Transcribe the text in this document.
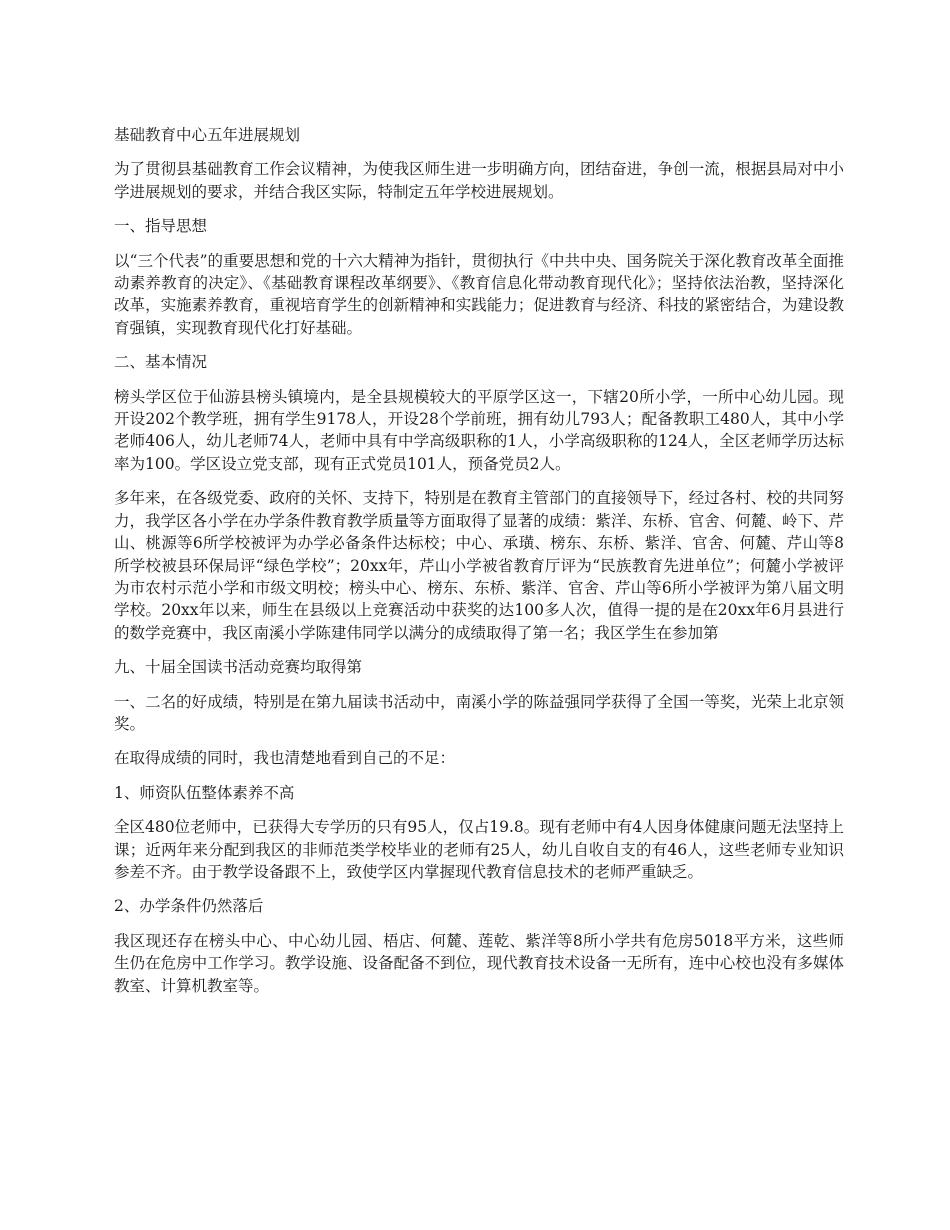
基础教育中心五年进展规划

为了贯彻县基础教育工作会议精神，为使我区师生进一步明确方向，团结奋进，争创一流，根据县局对中小学进展规划的要求，并结合我区实际，特制定五年学校进展规划。

一、指导思想

以“三个代表”的重要思想和党的十六大精神为指针，贯彻执行《中共中央、国务院关于深化教育改革全面推动素养教育的决定》、《基础教育课程改革纲要》、《教育信息化带动教育现代化》；坚持依法治教，坚持深化改革，实施素养教育，重视培育学生的创新精神和实践能力；促进教育与经济、科技的紧密结合，为建设教育强镇，实现教育现代化打好基础。

二、基本情况

榜头学区位于仙游县榜头镇境内，是全县规模较大的平原学区这一，下辖20所小学，一所中心幼儿园。现开设202个教学班，拥有学生9178人，开设28个学前班，拥有幼儿793人；配备教职工480人，其中小学老师406人，幼儿老师74人，老师中具有中学高级职称的1人，小学高级职称的124人，全区老师学历达标率为100。学区设立党支部，现有正式党员101人，预备党员2人。

多年来，在各级党委、政府的关怀、支持下，特别是在教育主管部门的直接领导下，经过各村、校的共同努力，我学区各小学在办学条件教育教学质量等方面取得了显著的成绩：紫洋、东桥、官舍、何麓、岭下、芹山、桃源等6所学校被评为办学必备条件达标校；中心、承璜、榜东、东桥、紫洋、官舍、何麓、芹山等8所学校被县环保局评“绿色学校”；20xx年，芹山小学被省教育厅评为“民族教育先进单位”；何麓小学被评为市农村示范小学和市级文明校；榜头中心、榜东、东桥、紫洋、官舍、芹山等6所小学被评为第八届文明学校。20xx年以来，师生在县级以上竞赛活动中获奖的达100多人次，值得一提的是在20xx年6月县进行的数学竞赛中，我区南溪小学陈建伟同学以满分的成绩取得了第一名；我区学生在参加第

九、十届全国读书活动竞赛均取得第

一、二名的好成绩，特别是在第九届读书活动中，南溪小学的陈益强同学获得了全国一等奖，光荣上北京领奖。

在取得成绩的同时，我也清楚地看到自己的不足：

1、师资队伍整体素养不高

全区480位老师中，已获得大专学历的只有95人，仅占19.8。现有老师中有4人因身体健康问题无法坚持上课；近两年来分配到我区的非师范类学校毕业的老师有25人，幼儿自收自支的有46人，这些老师专业知识参差不齐。由于教学设备跟不上，致使学区内掌握现代教育信息技术的老师严重缺乏。

2、办学条件仍然落后

我区现还存在榜头中心、中心幼儿园、梧店、何麓、莲乾、紫洋等8所小学共有危房5018平方米，这些师生仍在危房中工作学习。教学设施、设备配备不到位，现代教育技术设备一无所有，连中心校也没有多媒体教室、计算机教室等。
